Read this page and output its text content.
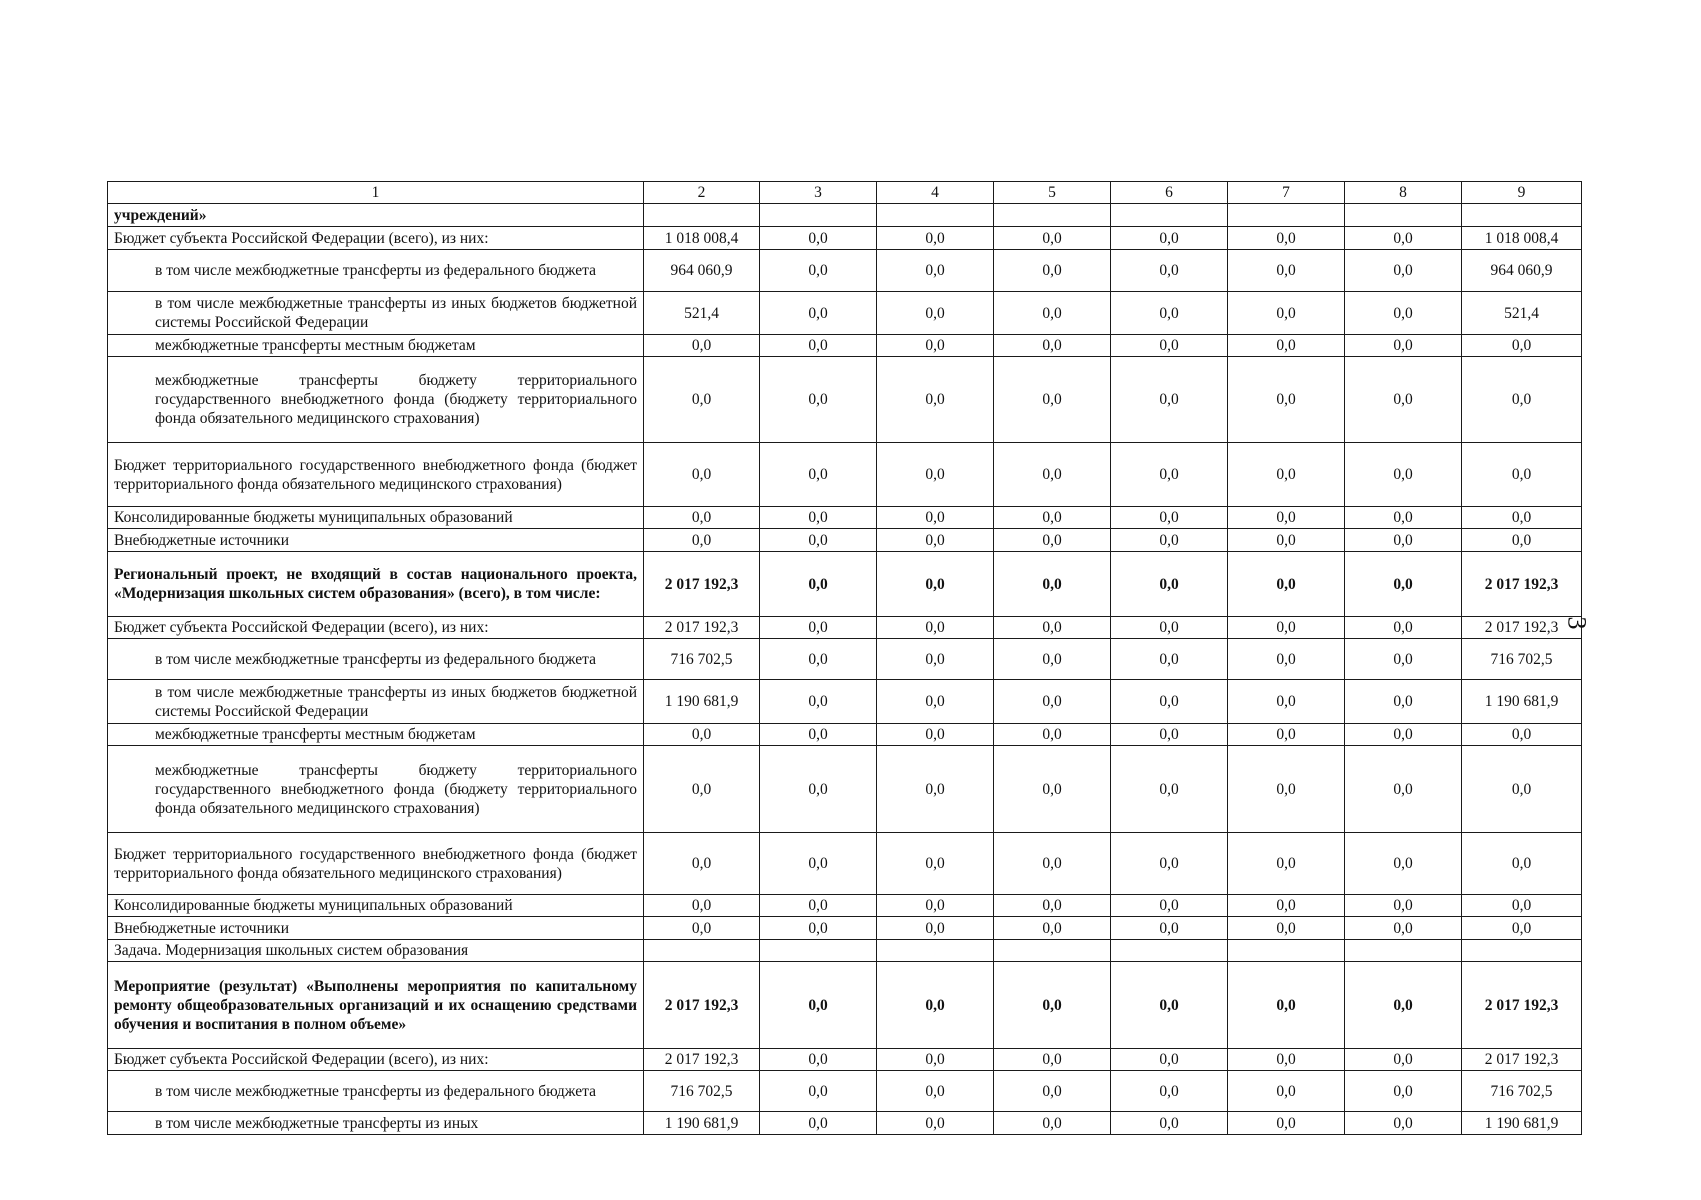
1	2	3	4	5	6	7	8	9
учреждений»								
Бюджет субъекта Российской Федерации (всего), из них:	1 018 008,4	0,0	0,0	0,0	0,0	0,0	0,0	1 018 008,4
в том числе межбюджетные трансферты из федерального бюджета	964 060,9	0,0	0,0	0,0	0,0	0,0	0,0	964 060,9
в том числе межбюджетные трансферты из иных бюджетов бюджетной системы Российской Федерации	521,4	0,0	0,0	0,0	0,0	0,0	0,0	521,4
межбюджетные трансферты местным бюджетам	0,0	0,0	0,0	0,0	0,0	0,0	0,0	0,0
межбюджетные трансферты бюджету территориального государственного внебюджетного фонда (бюджету территориального фонда обязательного медицинского страхования)	0,0	0,0	0,0	0,0	0,0	0,0	0,0	0,0
Бюджет территориального государственного внебюджетного фонда (бюджет территориального фонда обязательного медицинского страхования)	0,0	0,0	0,0	0,0	0,0	0,0	0,0	0,0
Консолидированные бюджеты муниципальных образований	0,0	0,0	0,0	0,0	0,0	0,0	0,0	0,0
Внебюджетные источники	0,0	0,0	0,0	0,0	0,0	0,0	0,0	0,0
Региональный проект, не входящий в состав национального проекта, «Модернизация школьных систем образования» (всего), в том числе:	2 017 192,3	0,0	0,0	0,0	0,0	0,0	0,0	2 017 192,3
Бюджет субъекта Российской Федерации (всего), из них:	2 017 192,3	0,0	0,0	0,0	0,0	0,0	0,0	2 017 192,3
в том числе межбюджетные трансферты из федерального бюджета	716 702,5	0,0	0,0	0,0	0,0	0,0	0,0	716 702,5
в том числе межбюджетные трансферты из иных бюджетов бюджетной системы Российской Федерации	1 190 681,9	0,0	0,0	0,0	0,0	0,0	0,0	1 190 681,9
межбюджетные трансферты местным бюджетам	0,0	0,0	0,0	0,0	0,0	0,0	0,0	0,0
межбюджетные трансферты бюджету территориального государственного внебюджетного фонда (бюджету территориального фонда обязательного медицинского страхования)	0,0	0,0	0,0	0,0	0,0	0,0	0,0	0,0
Бюджет территориального государственного внебюджетного фонда (бюджет территориального фонда обязательного медицинского страхования)	0,0	0,0	0,0	0,0	0,0	0,0	0,0	0,0
Консолидированные бюджеты муниципальных образований	0,0	0,0	0,0	0,0	0,0	0,0	0,0	0,0
Внебюджетные источники	0,0	0,0	0,0	0,0	0,0	0,0	0,0	0,0
Задача. Модернизация школьных систем образования								
Мероприятие (результат) «Выполнены мероприятия по капитальному ремонту общеобразовательных организаций и их оснащению средствами обучения и воспитания в полном объеме»	2 017 192,3	0,0	0,0	0,0	0,0	0,0	0,0	2 017 192,3
Бюджет субъекта Российской Федерации (всего), из них:	2 017 192,3	0,0	0,0	0,0	0,0	0,0	0,0	2 017 192,3
в том числе межбюджетные трансферты из федерального бюджета	716 702,5	0,0	0,0	0,0	0,0	0,0	0,0	716 702,5
в том числе межбюджетные трансферты из иных	1 190 681,9	0,0	0,0	0,0	0,0	0,0	0,0	1 190 681,9
3
